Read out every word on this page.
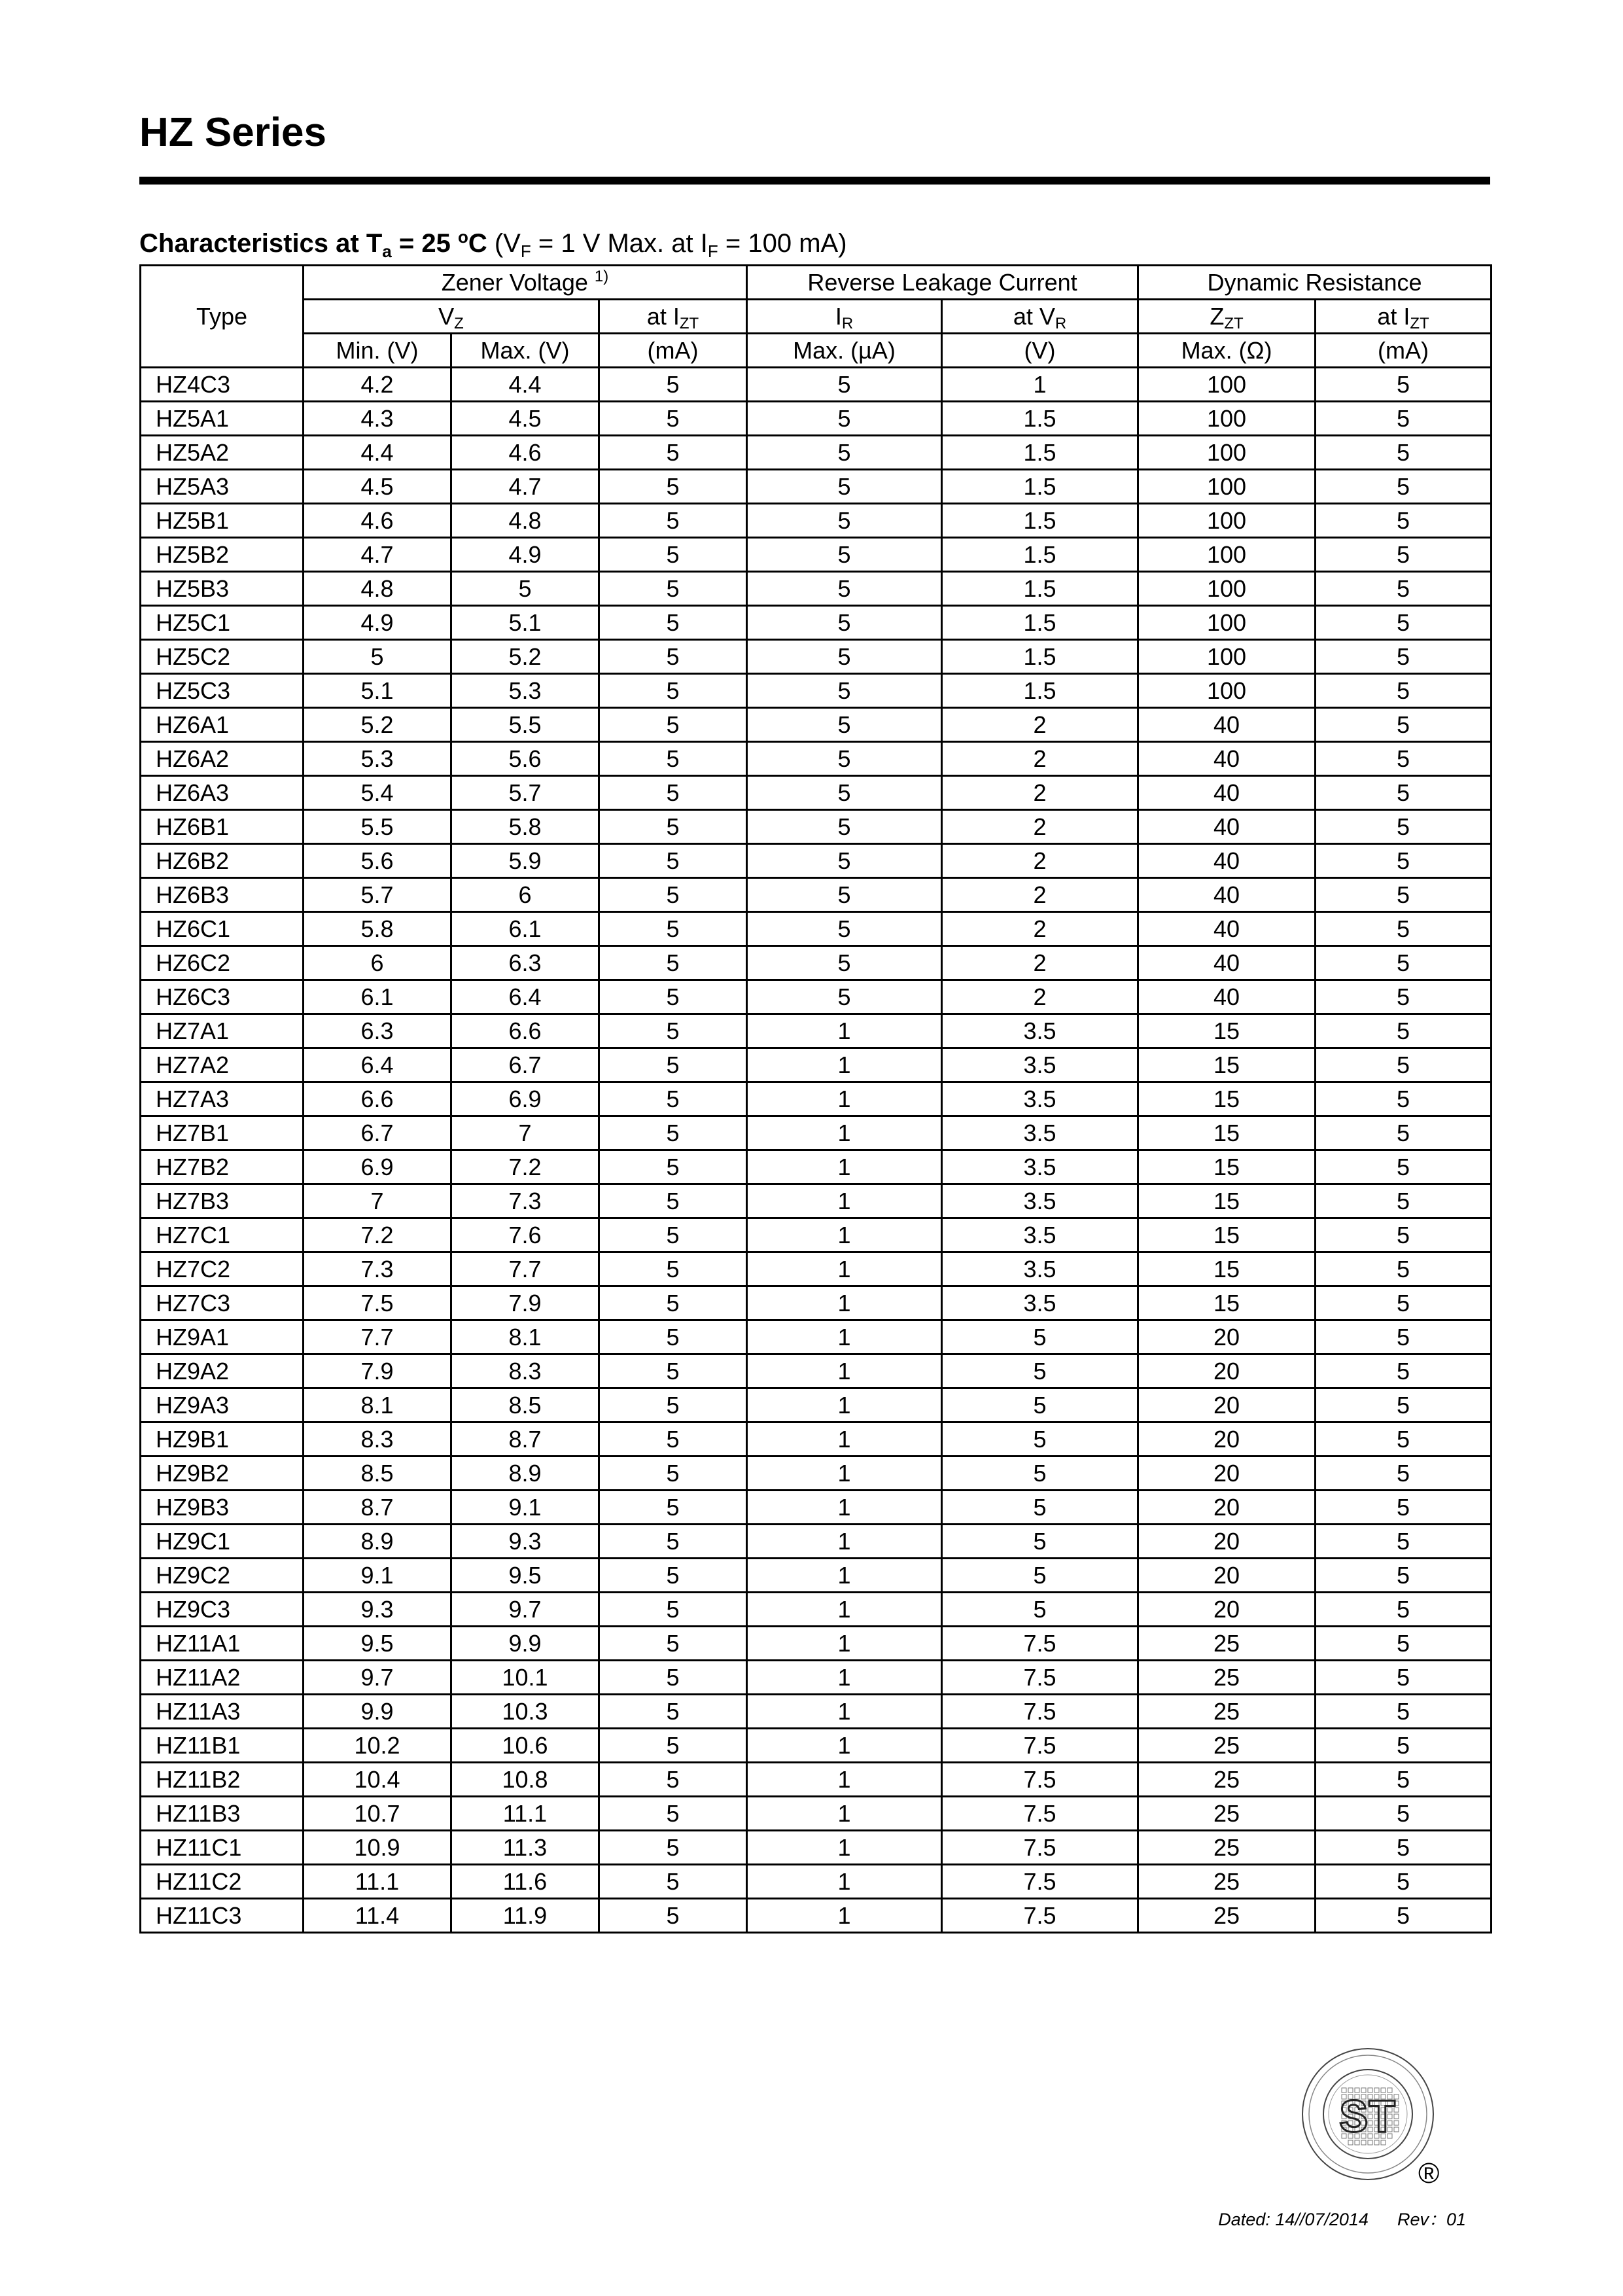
HZ Series
Characteristics at $T_a = 25$ $^o$C ($V_F = 1$ V Max. at $I_F = 100$ mA)
Type	Zener Voltage $^{1)}$			Reverse Leakage Current		Dynamic Resistance	
	$V_Z$		at $I_{ZT}$	$I_R$	at $V_R$	$Z_{ZT}$	at $I_{ZT}$
	Min. (V)	Max. (V)	(mA)	Max. (µA)	(V)	Max. (Ω)	(mA)
HZ4C3	4.2	4.4	5	5	1	100	5
HZ5A1	4.3	4.5	5	5	1.5	100	5
HZ5A2	4.4	4.6	5	5	1.5	100	5
HZ5A3	4.5	4.7	5	5	1.5	100	5
HZ5B1	4.6	4.8	5	5	1.5	100	5
HZ5B2	4.7	4.9	5	5	1.5	100	5
HZ5B3	4.8	5	5	5	1.5	100	5
HZ5C1	4.9	5.1	5	5	1.5	100	5
HZ5C2	5	5.2	5	5	1.5	100	5
HZ5C3	5.1	5.3	5	5	1.5	100	5
HZ6A1	5.2	5.5	5	5	2	40	5
HZ6A2	5.3	5.6	5	5	2	40	5
HZ6A3	5.4	5.7	5	5	2	40	5
HZ6B1	5.5	5.8	5	5	2	40	5
HZ6B2	5.6	5.9	5	5	2	40	5
HZ6B3	5.7	6	5	5	2	40	5
HZ6C1	5.8	6.1	5	5	2	40	5
HZ6C2	6	6.3	5	5	2	40	5
HZ6C3	6.1	6.4	5	5	2	40	5
HZ7A1	6.3	6.6	5	1	3.5	15	5
HZ7A2	6.4	6.7	5	1	3.5	15	5
HZ7A3	6.6	6.9	5	1	3.5	15	5
HZ7B1	6.7	7	5	1	3.5	15	5
HZ7B2	6.9	7.2	5	1	3.5	15	5
HZ7B3	7	7.3	5	1	3.5	15	5
HZ7C1	7.2	7.6	5	1	3.5	15	5
HZ7C2	7.3	7.7	5	1	3.5	15	5
HZ7C3	7.5	7.9	5	1	3.5	15	5
HZ9A1	7.7	8.1	5	1	5	20	5
HZ9A2	7.9	8.3	5	1	5	20	5
HZ9A3	8.1	8.5	5	1	5	20	5
HZ9B1	8.3	8.7	5	1	5	20	5
HZ9B2	8.5	8.9	5	1	5	20	5
HZ9B3	8.7	9.1	5	1	5	20	5
HZ9C1	8.9	9.3	5	1	5	20	5
HZ9C2	9.1	9.5	5	1	5	20	5
HZ9C3	9.3	9.7	5	1	5	20	5
HZ11A1	9.5	9.9	5	1	7.5	25	5
HZ11A2	9.7	10.1	5	1	7.5	25	5
HZ11A3	9.9	10.3	5	1	7.5	25	5
HZ11B1	10.2	10.6	5	1	7.5	25	5
HZ11B2	10.4	10.8	5	1	7.5	25	5
HZ11B3	10.7	11.1	5	1	7.5	25	5
HZ11C1	10.9	11.3	5	1	7.5	25	5
HZ11C2	11.1	11.6	5	1	7.5	25	5
HZ11C3	11.4	11.9	5	1	7.5	25	5
ST
®
Dated: 14//07/2014 Rev：01
